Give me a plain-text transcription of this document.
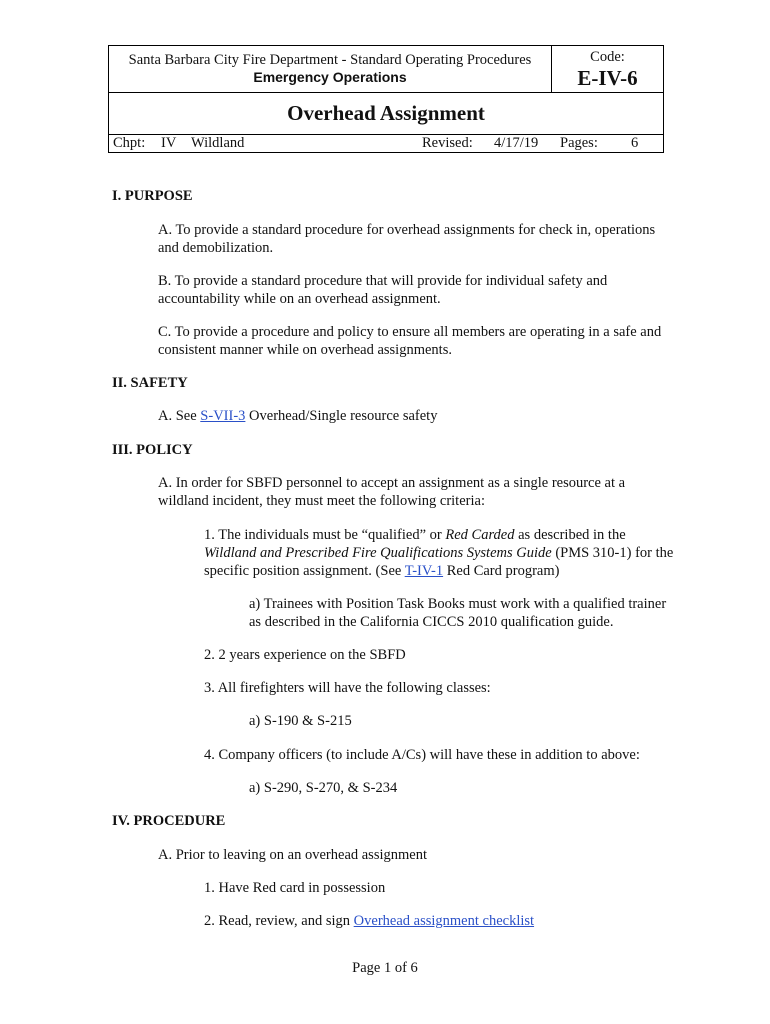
Santa Barbara City Fire Department - Standard Operating Procedures
Emergency Operations
Code:
E-IV-6
Overhead Assignment
Chpt: IV Wildland	Revised: 4/17/19 Pages: 6
I. PURPOSE
A. To provide a standard procedure for overhead assignments for check in, operations
and demobilization.
B. To provide a standard procedure that will provide for individual safety and
accountability while on an overhead assignment.
C. To provide a procedure and policy to ensure all members are operating in a safe and
consistent manner while on overhead assignments.
II. SAFETY
A. See S-VII-3 Overhead/Single resource safety
III. POLICY
A. In order for SBFD personnel to accept an assignment as a single resource at a
wildland incident, they must meet the following criteria:
1. The individuals must be “qualified” or Red Carded as described in the
Wildland and Prescribed Fire Qualifications Systems Guide (PMS 310-1) for the
specific position assignment. (See T-IV-1 Red Card program)
a) Trainees with Position Task Books must work with a qualified trainer
as described in the California CICCS 2010 qualification guide.
2. 2 years experience on the SBFD
3. All firefighters will have the following classes:
a) S-190 & S-215
4. Company officers (to include A/Cs) will have these in addition to above:
a) S-290, S-270, & S-234
IV. PROCEDURE
A. Prior to leaving on an overhead assignment
1. Have Red card in possession
2. Read, review, and sign Overhead assignment checklist
Page 1 of 6
